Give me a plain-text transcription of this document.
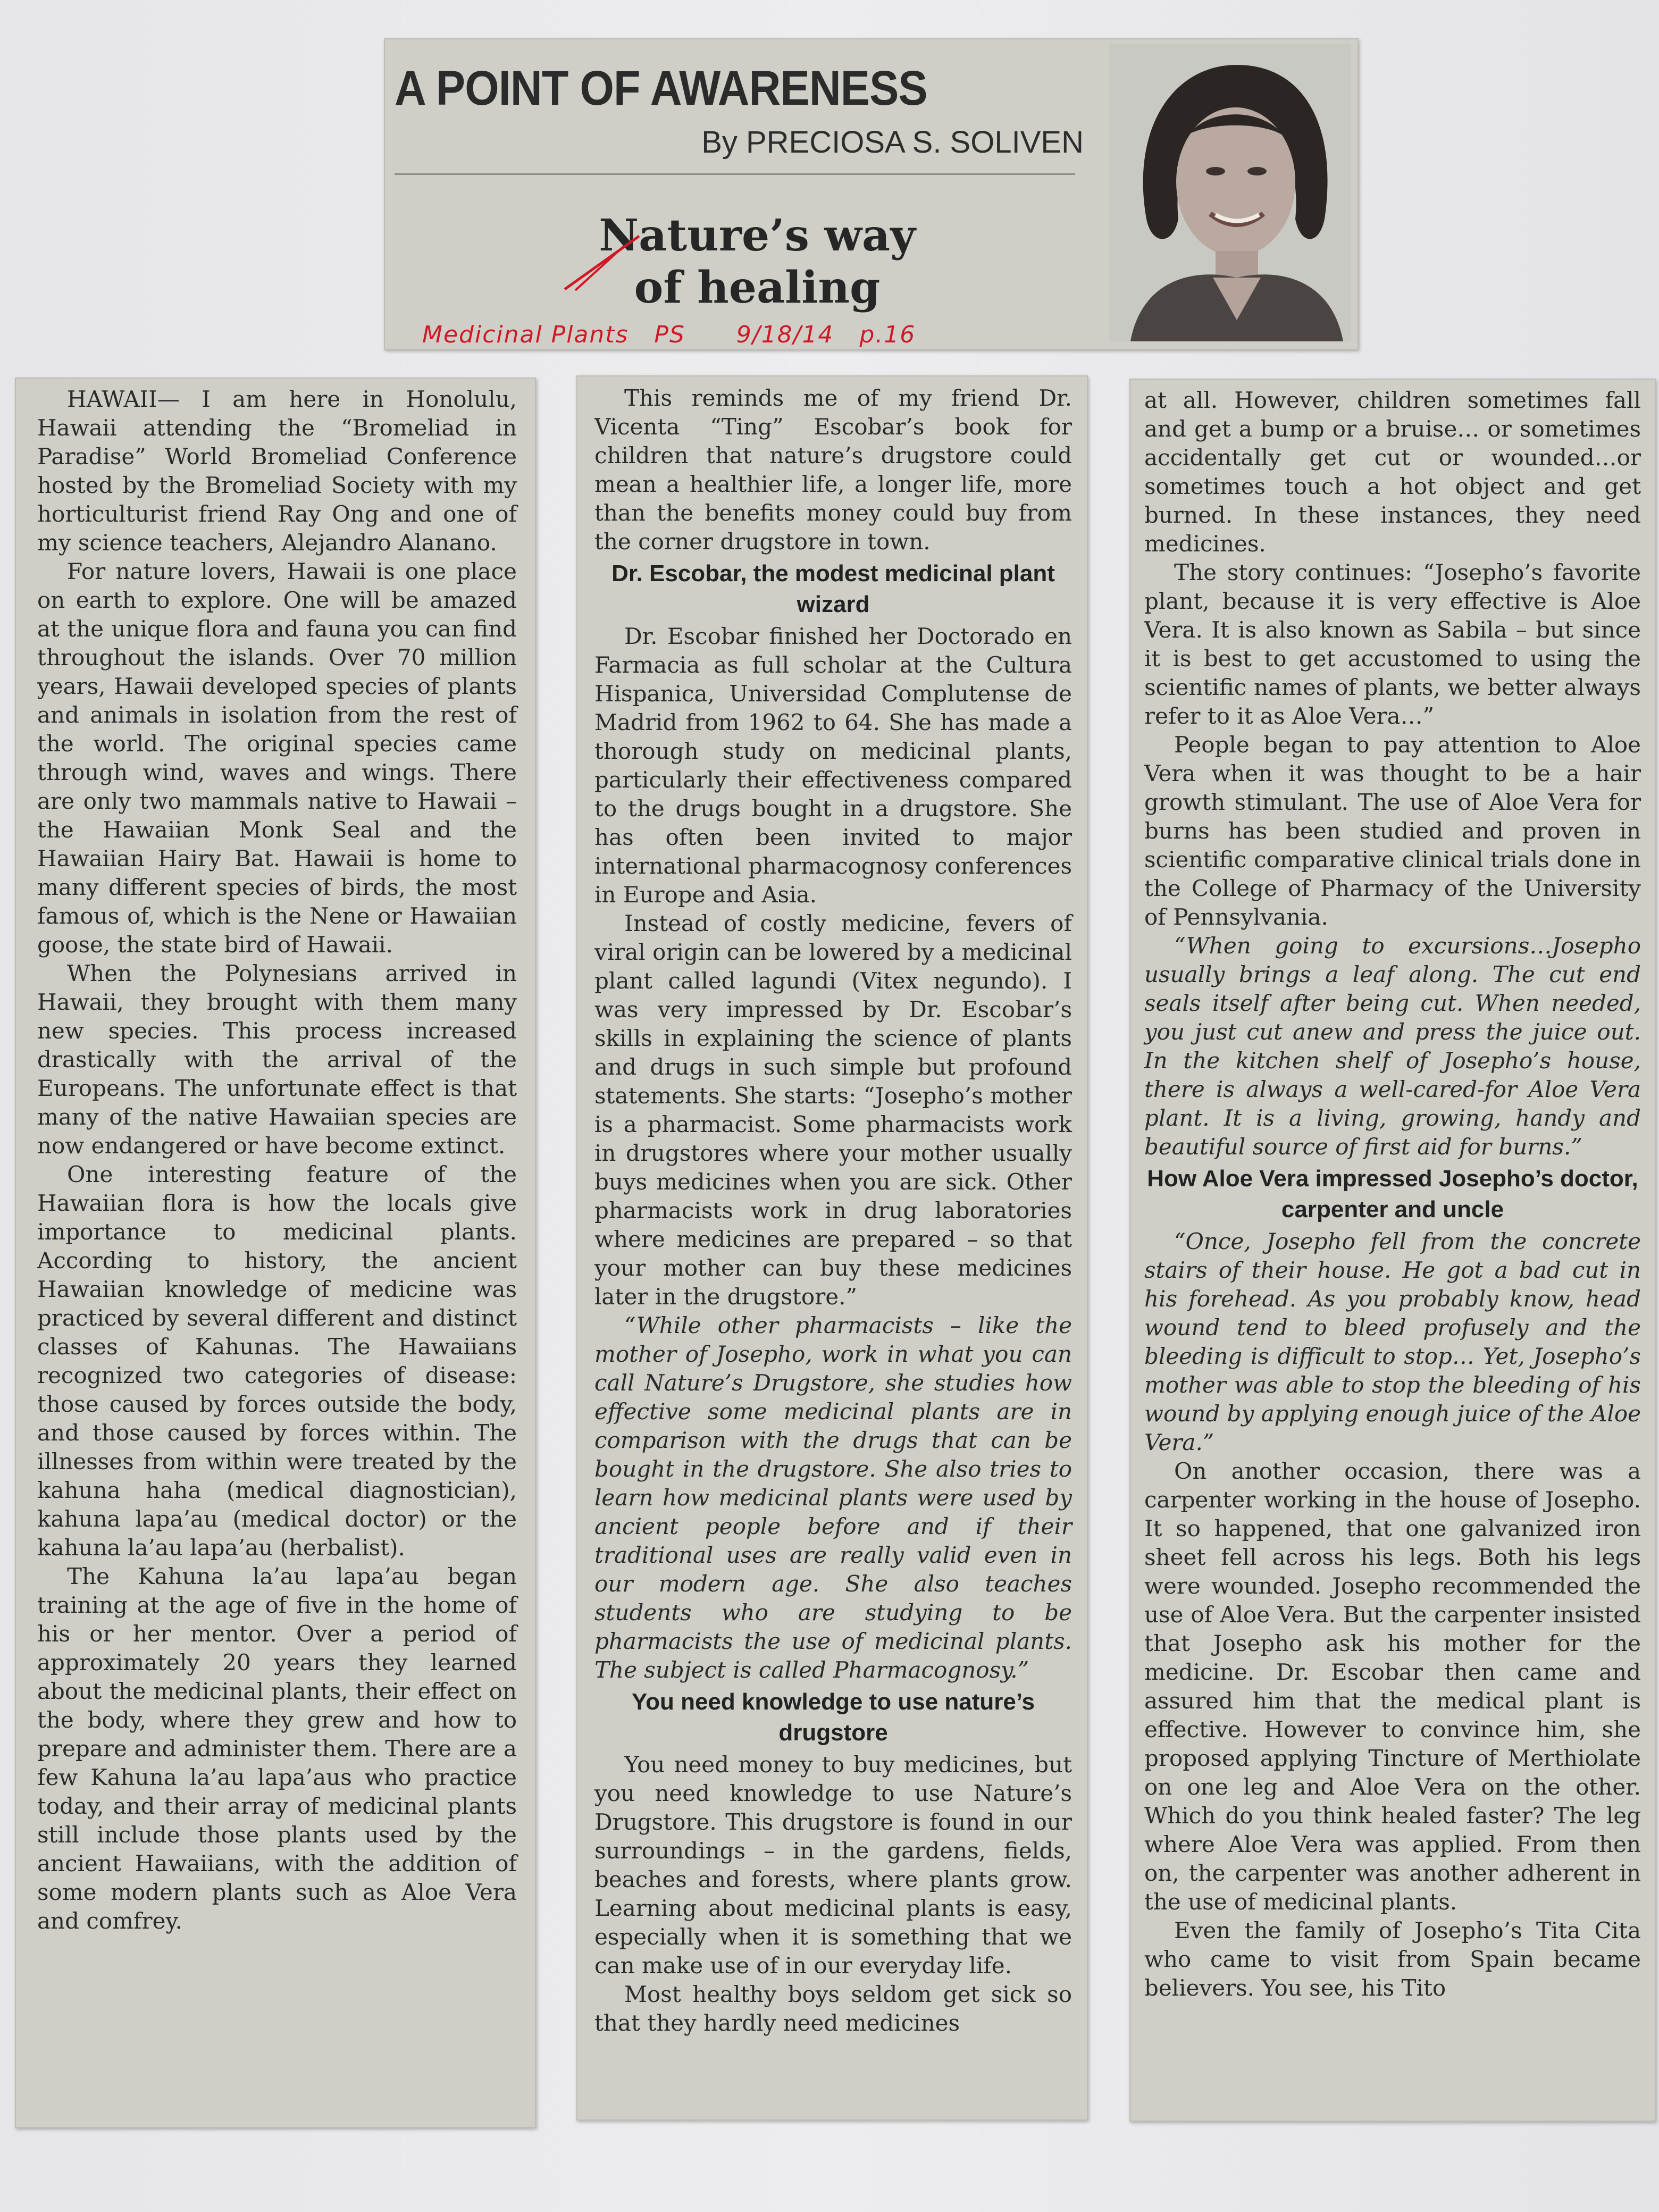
A POINT OF AWARENESS
By PRECIOSA S. SOLIVEN
Nature’s way
of healing
Medicinal Plants   PS      9/18/14   p.16

HAWAII— I am here in Honolulu, Hawaii attending the “Bromeliad in Paradise” World Bromeliad Conference hosted by the Bromeliad Society with my horticulturist friend Ray Ong and one of my science teachers, Alejandro Alanano.

For nature lovers, Hawaii is one place on earth to explore. One will be amazed at the unique flora and fauna you can find throughout the islands. Over 70 million years, Hawaii developed species of plants and animals in isolation from the rest of the world. The original species came through wind, waves and wings. There are only two mammals native to Hawaii – the Hawaiian Monk Seal and the Hawaiian Hairy Bat. Hawaii is home to many different species of birds, the most famous of, which is the Nene or Hawaiian goose, the state bird of Hawaii.

When the Polynesians arrived in Hawaii, they brought with them many new species. This process increased drastically with the arrival of the Europeans. The unfortunate effect is that many of the native Hawaiian species are now endangered or have become extinct.

One interesting feature of the Hawaiian flora is how the locals give importance to medicinal plants. According to history, the ancient Hawaiian knowledge of medicine was practiced by several different and distinct classes of Kahunas. The Hawaiians recognized two categories of disease: those caused by forces outside the body, and those caused by forces within. The illnesses from within were treated by the kahuna haha (medical diagnostician), kahuna lapa’au (medical doctor) or the kahuna la’au lapa’au (herbalist).

The Kahuna la’au lapa’au began training at the age of five in the home of his or her mentor. Over a period of approximately 20 years they learned about the medicinal plants, their effect on the body, where they grew and how to prepare and administer them. There are a few Kahuna la’au lapa’aus who practice today, and their array of medicinal plants still include those plants used by the ancient Hawaiians, with the addition of some modern plants such as Aloe Vera and comfrey.

This reminds me of my friend Dr. Vicenta “Ting” Escobar’s book for children that nature’s drugstore could mean a healthier life, a longer life, more than the benefits money could buy from the corner drugstore in town.

Dr. Escobar, the modest medicinal plant wizard

Dr. Escobar finished her Doctorado en Farmacia as full scholar at the Cultura Hispanica, Universidad Complutense de Madrid from 1962 to 64. She has made a thorough study on medicinal plants, particularly their effectiveness compared to the drugs bought in a drugstore. She has often been invited to major international pharmacognosy conferences in Europe and Asia.

Instead of costly medicine, fevers of viral origin can be lowered by a medicinal plant called lagundi (Vitex negundo). I was very impressed by Dr. Escobar’s skills in explaining the science of plants and drugs in such simple but profound statements. She starts: “Josepho’s mother is a pharmacist. Some pharmacists work in drugstores where your mother usually buys medicines when you are sick. Other pharmacists work in drug laboratories where medicines are prepared – so that your mother can buy these medicines later in the drugstore.”

“While other pharmacists – like the mother of Josepho, work in what you can call Nature’s Drugstore, she studies how effective some medicinal plants are in comparison with the drugs that can be bought in the drugstore. She also tries to learn how medicinal plants were used by ancient people before and if their traditional uses are really valid even in our modern age. She also teaches students who are studying to be pharmacists the use of medicinal plants. The subject is called Pharmacognosy.”

You need knowledge to use nature’s drugstore

You need money to buy medicines, but you need knowledge to use Nature’s Drugstore. This drugstore is found in our surroundings – in the gardens, fields, beaches and forests, where plants grow. Learning about medicinal plants is easy, especially when it is something that we can make use of in our everyday life.

Most healthy boys seldom get sick so that they hardly need medicines

at all. However, children sometimes fall and get a bump or a bruise… or sometimes accidentally get cut or wounded…or sometimes touch a hot object and get burned. In these instances, they need medicines.

The story continues: “Josepho’s favorite plant, because it is very effective is Aloe Vera. It is also known as Sabila – but since it is best to get accustomed to using the scientific names of plants, we better always refer to it as Aloe Vera…”

People began to pay attention to Aloe Vera when it was thought to be a hair growth stimulant. The use of Aloe Vera for burns has been studied and proven in scientific comparative clinical trials done in the College of Pharmacy of the University of Pennsylvania.

“When going to excursions…Josepho usually brings a leaf along. The cut end seals itself after being cut. When needed, you just cut anew and press the juice out. In the kitchen shelf of Josepho’s house, there is always a well-cared-for Aloe Vera plant. It is a living, growing, handy and beautiful source of first aid for burns.”

How Aloe Vera impressed Josepho’s doctor, carpenter and uncle

“Once, Josepho fell from the concrete stairs of their house. He got a bad cut in his forehead. As you probably know, head wound tend to bleed profusely and the bleeding is difficult to stop… Yet, Josepho’s mother was able to stop the bleeding of his wound by applying enough juice of the Aloe Vera.”

On another occasion, there was a carpenter working in the house of Josepho. It so happened, that one galvanized iron sheet fell across his legs. Both his legs were wounded. Josepho recommended the use of Aloe Vera. But the carpenter insisted that Josepho ask his mother for the medicine. Dr. Escobar then came and assured him that the medical plant is effective. However to convince him, she proposed applying Tincture of Merthiolate on one leg and Aloe Vera on the other. Which do you think healed faster? The leg where Aloe Vera was applied. From then on, the carpenter was another adherent in the use of medicinal plants.

Even the family of Josepho’s Tita Cita who came to visit from Spain became believers. You see, his Tito
